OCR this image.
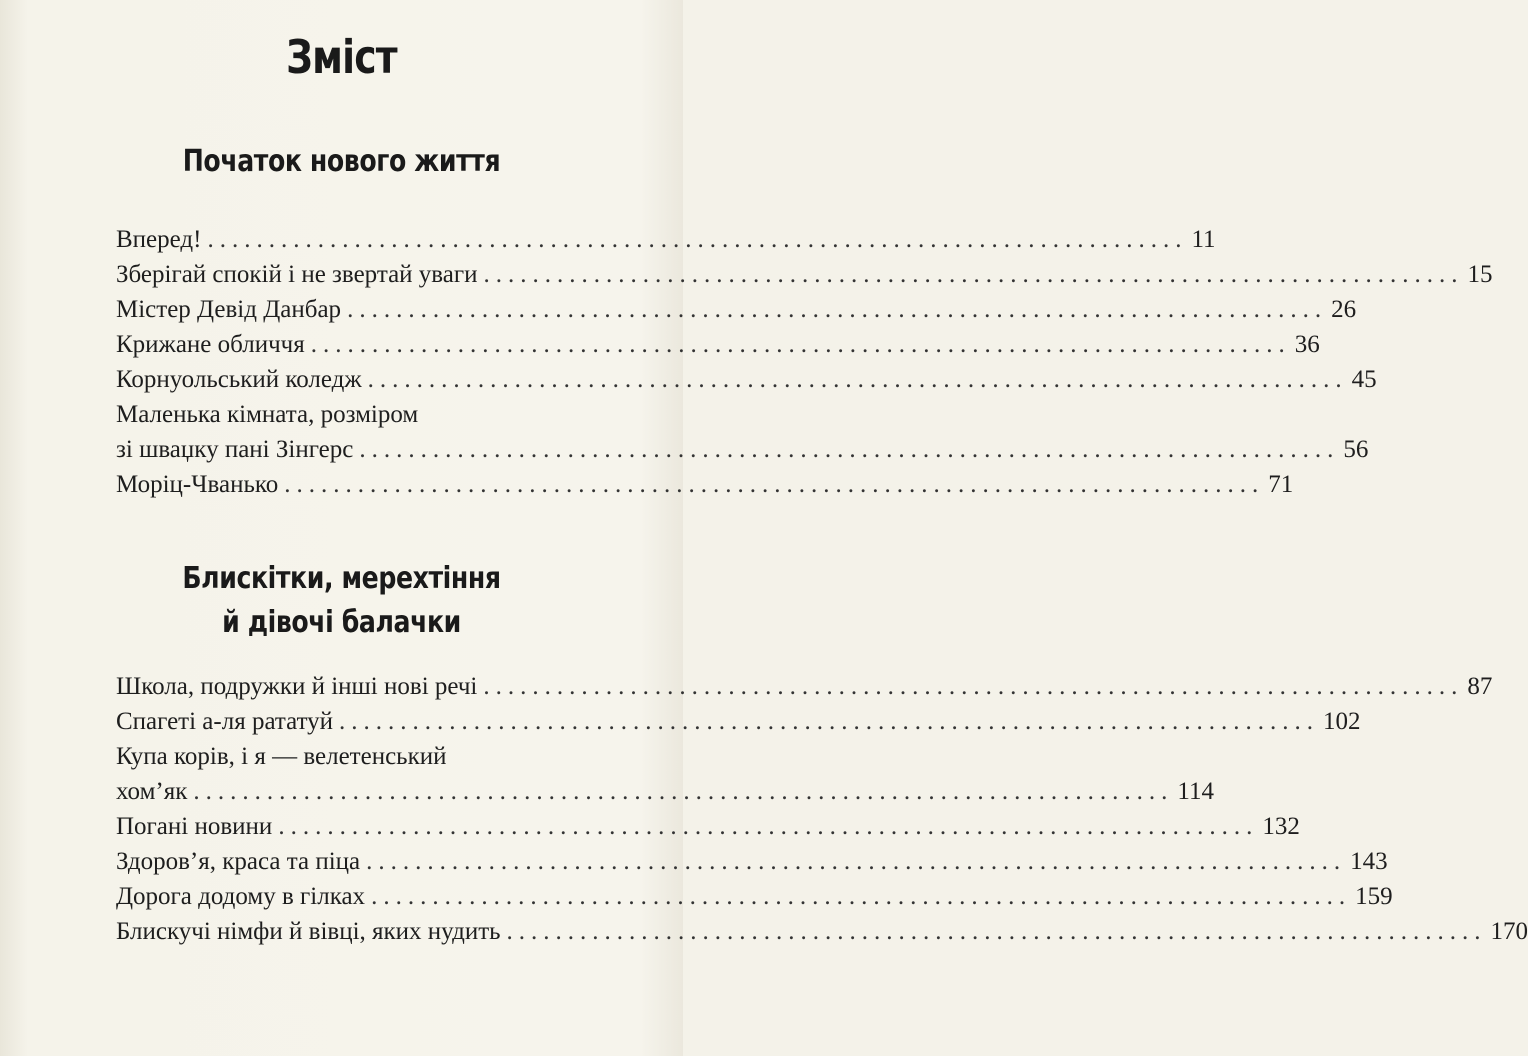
Зміст
Початок нового життя
Вперед! ................................................................................ 11
Зберігай спокій і не звертай уваги ................................................................................ 15
Містер Девід Данбар ................................................................................ 26
Крижане обличчя ................................................................................ 36
Корнуольський коледж ................................................................................ 45
Маленька кімната, розміром
зі шваџку пані Зінгерс ................................................................................ 56
Моріц-Чванько ................................................................................ 71
Блискітки, мерехтіння
й дівочі балачки
Школа, подружки й інші нові речі ................................................................................ 87
Спагеті а-ля рататуй ................................................................................ 102
Купа корів, і я — велетенський
хом’як ................................................................................ 114
Погані новини ................................................................................ 132
Здоров’я, краса та піца ................................................................................ 143
Дорога додому в гілках ................................................................................ 159
Блискучі німфи й вівці, яких нудить ................................................................................ 170
